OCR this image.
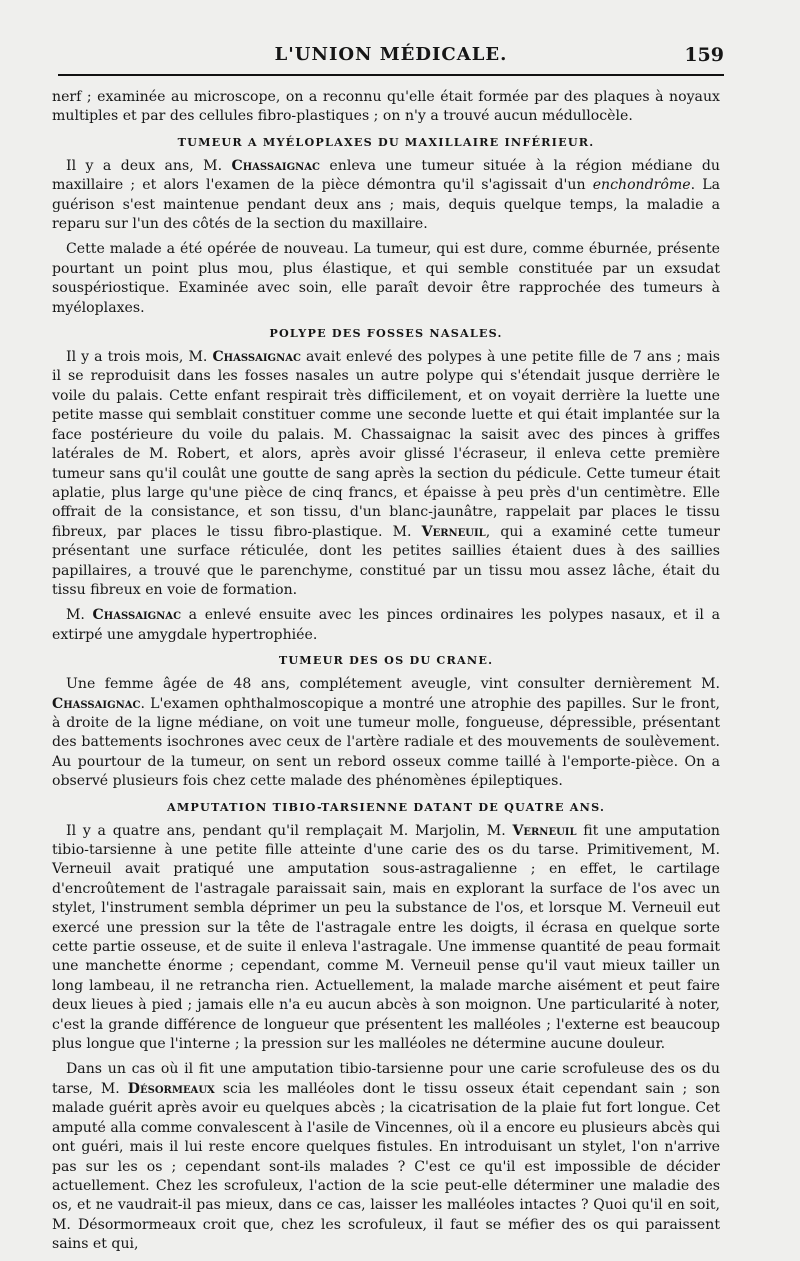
L'UNION MÉDICALE.	159

nerf ; examinée au microscope, on a reconnu qu'elle était formée par des plaques à noyaux multiples et par des cellules fibro-plastiques ; on n'y a trouvé aucun médullocèle.

TUMEUR A MYÉLOPLAXES DU MAXILLAIRE INFÉRIEUR.

Il y a deux ans, M. Chassaignac enleva une tumeur située à la région médiane du maxillaire ; et alors l'examen de la pièce démontra qu'il s'agissait d'un enchondrôme. La guérison s'est maintenue pendant deux ans ; mais, dequis quelque temps, la maladie a reparu sur l'un des côtés de la section du maxillaire.

Cette malade a été opérée de nouveau. La tumeur, qui est dure, comme éburnée, présente pourtant un point plus mou, plus élastique, et qui semble constituée par un exsudat souspériostique. Examinée avec soin, elle paraît devoir être rapprochée des tumeurs à myéloplaxes.

POLYPE DES FOSSES NASALES.

Il y a trois mois, M. Chassaignac avait enlevé des polypes à une petite fille de 7 ans ; mais il se reproduisit dans les fosses nasales un autre polype qui s'étendait jusque derrière le voile du palais. Cette enfant respirait très difficilement, et on voyait derrière la luette une petite masse qui semblait constituer comme une seconde luette et qui était implantée sur la face postérieure du voile du palais. M. Chassaignac la saisit avec des pinces à griffes latérales de M. Robert, et alors, après avoir glissé l'écraseur, il enleva cette première tumeur sans qu'il coulât une goutte de sang après la section du pédicule. Cette tumeur était aplatie, plus large qu'une pièce de cinq francs, et épaisse à peu près d'un centimètre. Elle offrait de la consistance, et son tissu, d'un blanc-jaunâtre, rappelait par places le tissu fibreux, par places le tissu fibro-plastique. M. Verneuil, qui a examiné cette tumeur présentant une surface réticulée, dont les petites saillies étaient dues à des saillies papillaires, a trouvé que le parenchyme, constitué par un tissu mou assez lâche, était du tissu fibreux en voie de formation.

M. Chassaignac a enlevé ensuite avec les pinces ordinaires les polypes nasaux, et il a extirpé une amygdale hypertrophiée.

TUMEUR DES OS DU CRANE.

Une femme âgée de 48 ans, complétement aveugle, vint consulter dernièrement M. Chassaignac. L'examen ophthalmoscopique a montré une atrophie des papilles. Sur le front, à droite de la ligne médiane, on voit une tumeur molle, fongueuse, dépressible, présentant des battements isochrones avec ceux de l'artère radiale et des mouvements de soulèvement. Au pourtour de la tumeur, on sent un rebord osseux comme taillé à l'emporte-pièce. On a observé plusieurs fois chez cette malade des phénomènes épileptiques.

AMPUTATION TIBIO-TARSIENNE DATANT DE QUATRE ANS.

Il y a quatre ans, pendant qu'il remplaçait M. Marjolin, M. Verneuil fit une amputation tibio-tarsienne à une petite fille atteinte d'une carie des os du tarse. Primitivement, M. Verneuil avait pratiqué une amputation sous-astragalienne ; en effet, le cartilage d'encroûtement de l'astragale paraissait sain, mais en explorant la surface de l'os avec un stylet, l'instrument sembla déprimer un peu la substance de l'os, et lorsque M. Verneuil eut exercé une pression sur la tête de l'astragale entre les doigts, il écrasa en quelque sorte cette partie osseuse, et de suite il enleva l'astragale. Une immense quantité de peau formait une manchette énorme ; cependant, comme M. Verneuil pense qu'il vaut mieux tailler un long lambeau, il ne retrancha rien. Actuellement, la malade marche aisément et peut faire deux lieues à pied ; jamais elle n'a eu aucun abcès à son moignon. Une particularité à noter, c'est la grande différence de longueur que présentent les malléoles ; l'externe est beaucoup plus longue que l'interne ; la pression sur les malléoles ne détermine aucune douleur.

Dans un cas où il fit une amputation tibio-tarsienne pour une carie scrofuleuse des os du tarse, M. Désormeaux scia les malléoles dont le tissu osseux était cependant sain ; son malade guérit après avoir eu quelques abcès ; la cicatrisation de la plaie fut fort longue. Cet amputé alla comme convalescent à l'asile de Vincennes, où il a encore eu plusieurs abcès qui ont guéri, mais il lui reste encore quelques fistules. En introduisant un stylet, l'on n'arrive pas sur les os ; cependant sont-ils malades ? C'est ce qu'il est impossible de décider actuellement. Chez les scrofuleux, l'action de la scie peut-elle déterminer une maladie des os, et ne vaudrait-il pas mieux, dans ce cas, laisser les malléoles intactes ? Quoi qu'il en soit, M. Désormormeaux croit que, chez les scrofuleux, il faut se méfier des os qui paraissent sains et qui,
